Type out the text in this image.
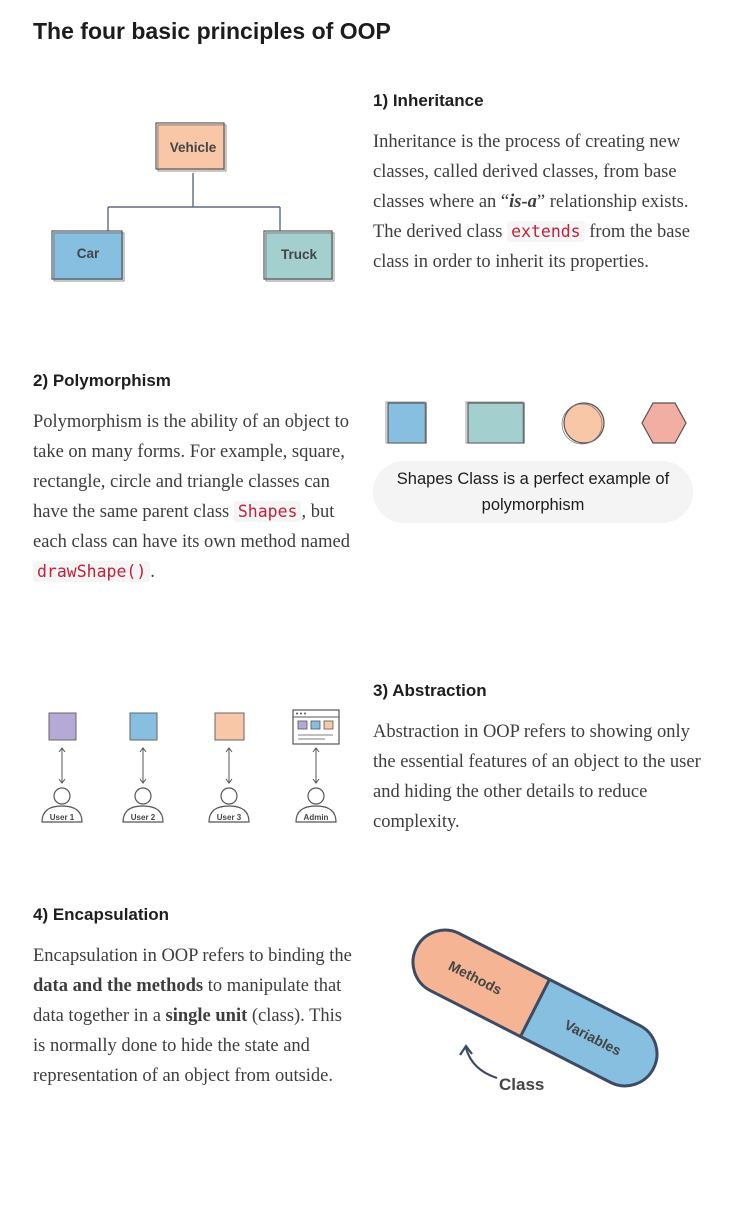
The four basic principles of OOP
Vehicle
Car	Truck
1) Inheritance
Inheritance is the process of creating new classes, called derived classes, from base classes where an “is-a” relationship exists. The derived class extends from the base class in order to inherit its properties.
2) Polymorphism
Polymorphism is the ability of an object to take on many forms. For example, square, rectangle, circle and triangle classes can have the same parent class Shapes , but each class can have its own method named drawShape() .
Shapes Class is a perfect example of polymorphism
User 1	User 2	User 3	Admin
3) Abstraction
Abstraction in OOP refers to showing only the essential features of an object to the user and hiding the other details to reduce complexity.
4) Encapsulation
Encapsulation in OOP refers to binding the data and the methods to manipulate that data together in a single unit (class). This is normally done to hide the state and representation of an object from outside.
Methods
Variables
Class
